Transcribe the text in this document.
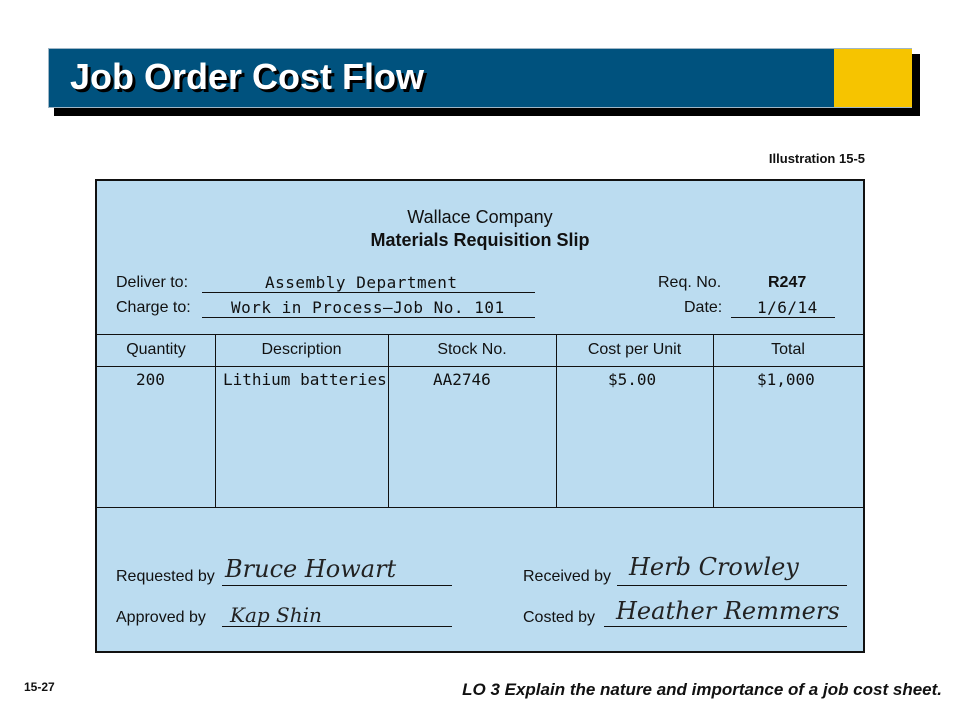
Job Order Cost Flow
Illustration 15-5
Wallace Company
Materials Requisition Slip
Deliver to:	Assembly Department
Charge to:	Work in Process—Job No. 101
Req. No.	R247
Date: 1/6/14
Quantity	Description	Stock No.	Cost per Unit	Total
200	Lithium batteries	AA2746	$5.00	$1,000
Requested by Bruce Howart
Approved by Kap Shin
Received by Herb Crowley
Costed by Heather Remmers
15-27	LO 3 Explain the nature and importance of a job cost sheet.
